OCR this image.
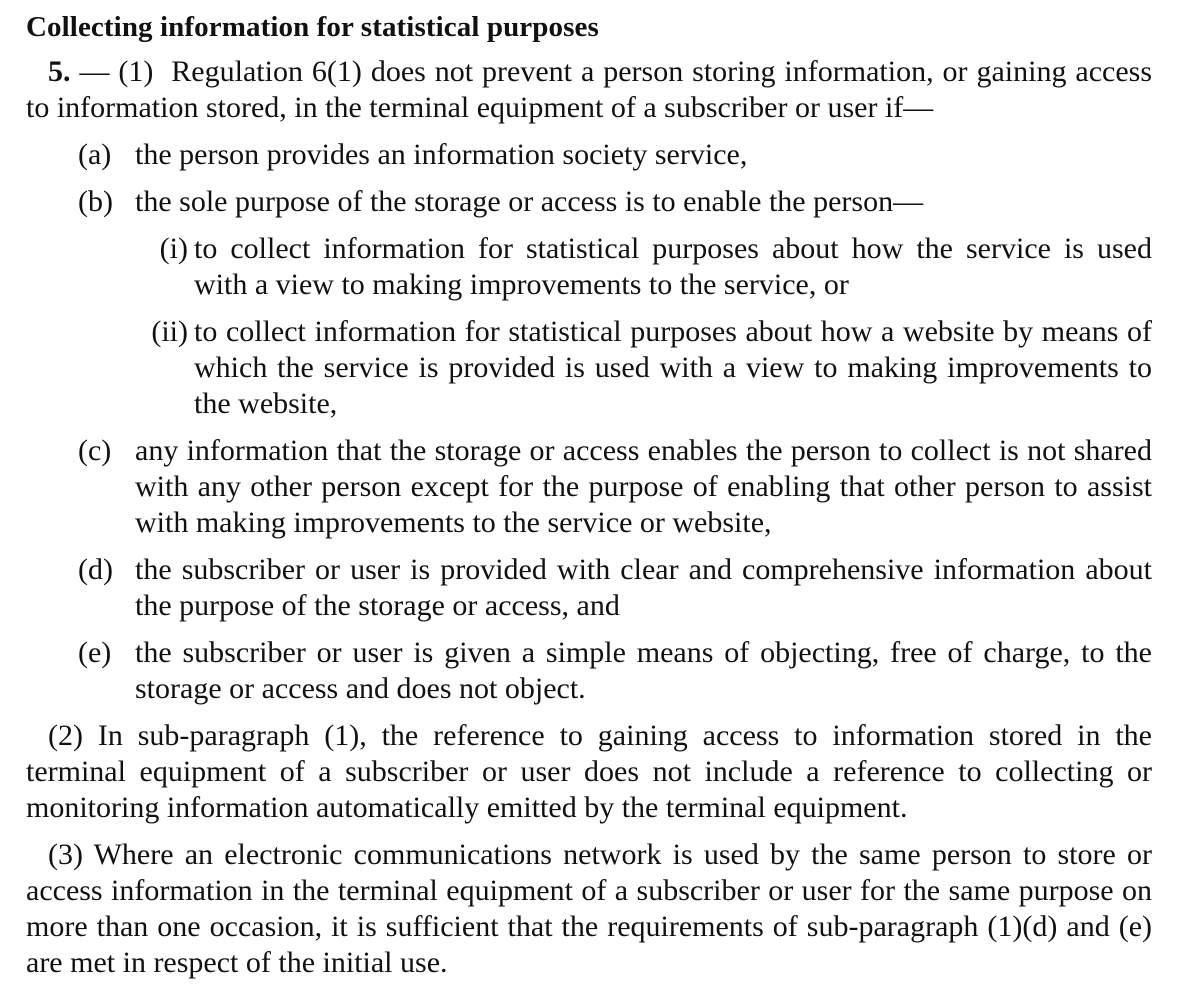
Collecting information for statistical purposes

5. — (1) Regulation 6(1) does not prevent a person storing information, or gaining access to information stored, in the terminal equipment of a subscriber or user if—

(a) the person provides an information society service,
(b) the sole purpose of the storage or access is to enable the person—
(i) to collect information for statistical purposes about how the service is used with a view to making improvements to the service, or
(ii) to collect information for statistical purposes about how a website by means of which the service is provided is used with a view to making improvements to the website,
(c) any information that the storage or access enables the person to collect is not shared with any other person except for the purpose of enabling that other person to assist with making improvements to the service or website,
(d) the subscriber or user is provided with clear and comprehensive information about the purpose of the storage or access, and
(e) the subscriber or user is given a simple means of objecting, free of charge, to the storage or access and does not object.

(2) In sub-paragraph (1), the reference to gaining access to information stored in the terminal equipment of a subscriber or user does not include a reference to collecting or monitoring information automatically emitted by the terminal equipment.

(3) Where an electronic communications network is used by the same person to store or access information in the terminal equipment of a subscriber or user for the same purpose on more than one occasion, it is sufficient that the requirements of sub-paragraph (1)(d) and (e) are met in respect of the initial use.
